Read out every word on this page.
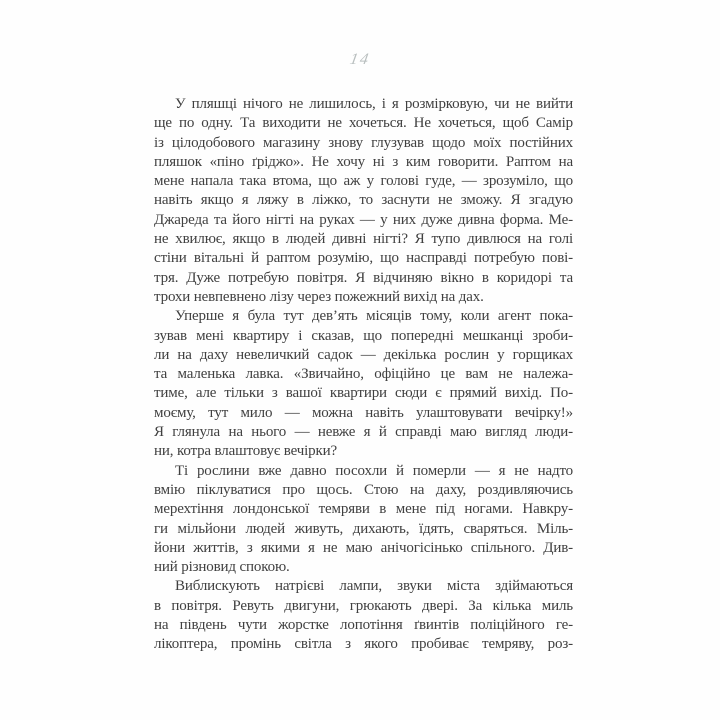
14
У пляшці нічого не лишилось, і я розмірковую, чи не вийти
ще по одну. Та виходити не хочеться. Не хочеться, щоб Самір
із цілодобового магазину знову глузував щодо моїх постійних
пляшок «піно ґріджо». Не хочу ні з ким говорити. Раптом на
мене напала така втома, що аж у голові гуде, — зрозуміло, що
навіть якщо я ляжу в ліжко, то заснути не зможу. Я згадую
Джареда та його нігті на руках — у них дуже дивна форма. Ме-
не хвилює, якщо в людей дивні нігті? Я тупо дивлюся на голі
стіни вітальні й раптом розумію, що насправді потребую пові-
тря. Дуже потребую повітря. Я відчиняю вікно в коридорі та
трохи невпевнено лізу через пожежний вихід на дах.
Уперше я була тут дев’ять місяців тому, коли агент пока-
зував мені квартиру і сказав, що попередні мешканці зроби-
ли на даху невеличкий садок — декілька рослин у горщиках
та маленька лавка. «Звичайно, офіційно це вам не належа-
тиме, але тільки з вашої квартири сюди є прямий вихід. По-
моєму, тут мило — можна навіть улаштовувати вечірку!»
Я глянула на нього — невже я й справді маю вигляд люди-
ни, котра влаштовує вечірки?
Ті рослини вже давно посохли й померли — я не надто
вмію піклуватися про щось. Стою на даху, роздивляючись
мерехтіння лондонської темряви в мене під ногами. Навкру-
ги мільйони людей живуть, дихають, їдять, сваряться. Міль-
йони життів, з якими я не маю анічогісінько спільного. Див-
ний різновид спокою.
Виблискують натрієві лампи, звуки міста здіймаються
в повітря. Ревуть двигуни, грюкають двері. За кілька миль
на південь чути жорстке лопотіння ґвинтів поліційного ге-
лікоптера, промінь світла з якого пробиває темряву, роз-
